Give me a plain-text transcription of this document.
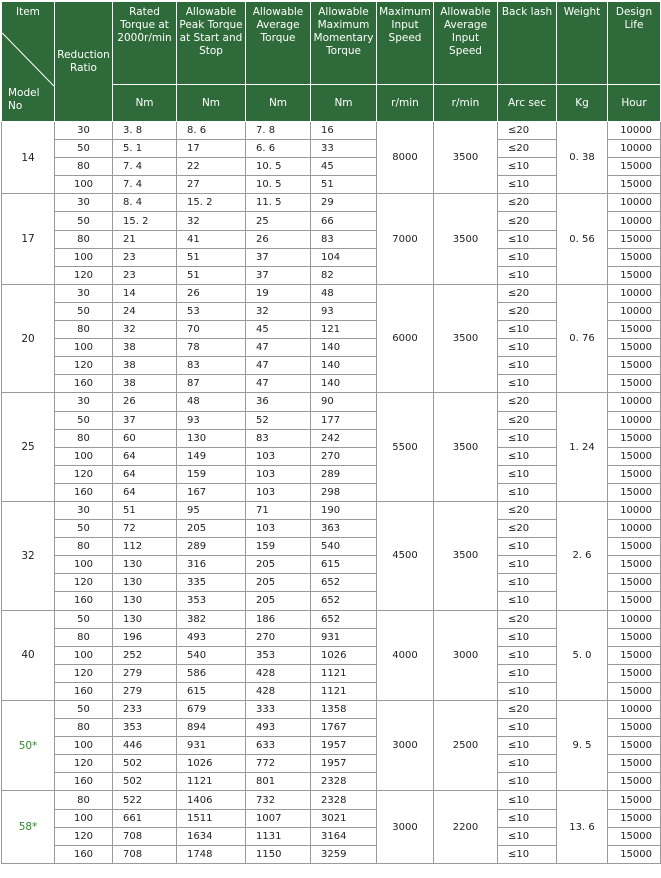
Item
Model No	Reduction Ratio	Rated Torque at 2000r/min	Allowable Peak Torque at Start and Stop	Allowable Average Torque	Allowable Maximum Momentary Torque	Maximum Input Speed	Allowable Average Input Speed	Back lash	Weight	Design Life
		Nm	Nm	Nm	Nm	r/min	r/min	Arc sec	Kg	Hour
14	30	3. 8	8. 6	7. 8	16	8000	3500	≤20	0. 38	10000
	50	5. 1	17	6. 6	33			≤20		10000
	80	7. 4	22	10. 5	45			≤10		15000
	100	7. 4	27	10. 5	51			≤10		15000
17	30	8. 4	15. 2	11. 5	29	7000	3500	≤20	0. 56	10000
	50	15. 2	32	25	66			≤20		10000
	80	21	41	26	83			≤10		15000
	100	23	51	37	104			≤10		15000
	120	23	51	37	82			≤10		15000
20	30	14	26	19	48	6000	3500	≤20	0. 76	10000
	50	24	53	32	93			≤20		10000
	80	32	70	45	121			≤10		15000
	100	38	78	47	140			≤10		15000
	120	38	83	47	140			≤10		15000
	160	38	87	47	140			≤10		15000
25	30	26	48	36	90	5500	3500	≤20	1. 24	10000
	50	37	93	52	177			≤20		10000
	80	60	130	83	242			≤10		15000
	100	64	149	103	270			≤10		15000
	120	64	159	103	289			≤10		15000
	160	64	167	103	298			≤10		15000
32	30	51	95	71	190	4500	3500	≤20	2. 6	10000
	50	72	205	103	363			≤20		10000
	80	112	289	159	540			≤10		15000
	100	130	316	205	615			≤10		15000
	120	130	335	205	652			≤10		15000
	160	130	353	205	652			≤10		15000
40	50	130	382	186	652	4000	3000	≤20	5. 0	10000
	80	196	493	270	931			≤10		15000
	100	252	540	353	1026			≤10		15000
	120	279	586	428	1121			≤10		15000
	160	279	615	428	1121			≤10		15000
50*	50	233	679	333	1358	3000	2500	≤20	9. 5	10000
	80	353	894	493	1767			≤10		15000
	100	446	931	633	1957			≤10		15000
	120	502	1026	772	1957			≤10		15000
	160	502	1121	801	2328			≤10		15000
58*	80	522	1406	732	2328	3000	2200	≤10	13. 6	15000
	100	661	1511	1007	3021			≤10		15000
	120	708	1634	1131	3164			≤10		15000
	160	708	1748	1150	3259			≤10		15000
